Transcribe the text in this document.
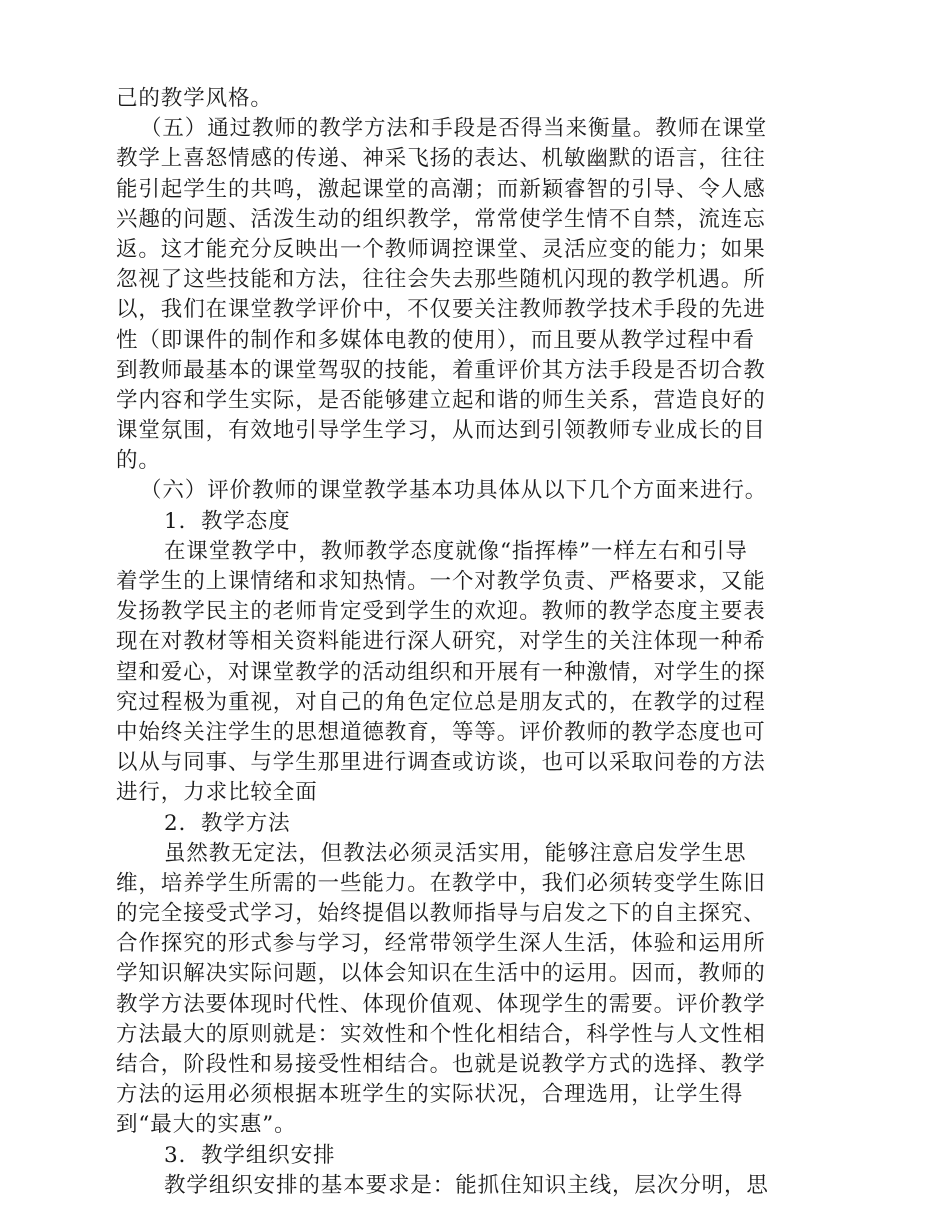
己的教学风格。
（五）通过教师的教学方法和手段是否得当来衡量。教师在课堂
教学上喜怒情感的传递、神采飞扬的表达、机敏幽默的语言，往往
能引起学生的共鸣，激起课堂的高潮；而新颖睿智的引导、令人感
兴趣的问题、活泼生动的组织教学，常常使学生情不自禁，流连忘
返。这才能充分反映出一个教师调控课堂、灵活应变的能力；如果
忽视了这些技能和方法，往往会失去那些随机闪现的教学机遇。所
以，我们在课堂教学评价中，不仅要关注教师教学技术手段的先进
性（即课件的制作和多媒体电教的使用），而且要从教学过程中看
到教师最基本的课堂驾驭的技能，着重评价其方法手段是否切合教
学内容和学生实际，是否能够建立起和谐的师生关系，营造良好的
课堂氛围，有效地引导学生学习，从而达到引领教师专业成长的目
的。
（六）评价教师的课堂教学基本功具体从以下几个方面来进行。
1．教学态度
在课堂教学中，教师教学态度就像“指挥棒”一样左右和引导
着学生的上课情绪和求知热情。一个对教学负责、严格要求，又能
发扬教学民主的老师肯定受到学生的欢迎。教师的教学态度主要表
现在对教材等相关资料能进行深人研究，对学生的关注体现一种希
望和爱心，对课堂教学的活动组织和开展有一种激情，对学生的探
究过程极为重视，对自己的角色定位总是朋友式的，在教学的过程
中始终关注学生的思想道德教育，等等。评价教师的教学态度也可
以从与同事、与学生那里进行调查或访谈，也可以采取问卷的方法
进行，力求比较全面
2．教学方法
虽然教无定法，但教法必须灵活实用，能够注意启发学生思
维，培养学生所需的一些能力。在教学中，我们必须转变学生陈旧
的完全接受式学习，始终提倡以教师指导与启发之下的自主探究、
合作探究的形式参与学习，经常带领学生深人生活，体验和运用所
学知识解决实际问题，以体会知识在生活中的运用。因而，教师的
教学方法要体现时代性、体现价值观、体现学生的需要。评价教学
方法最大的原则就是：实效性和个性化相结合，科学性与人文性相
结合，阶段性和易接受性相结合。也就是说教学方式的选择、教学
方法的运用必须根据本班学生的实际状况，合理选用，让学生得
到“最大的实惠”。
3．教学组织安排
教学组织安排的基本要求是：能抓住知识主线，层次分明，思
